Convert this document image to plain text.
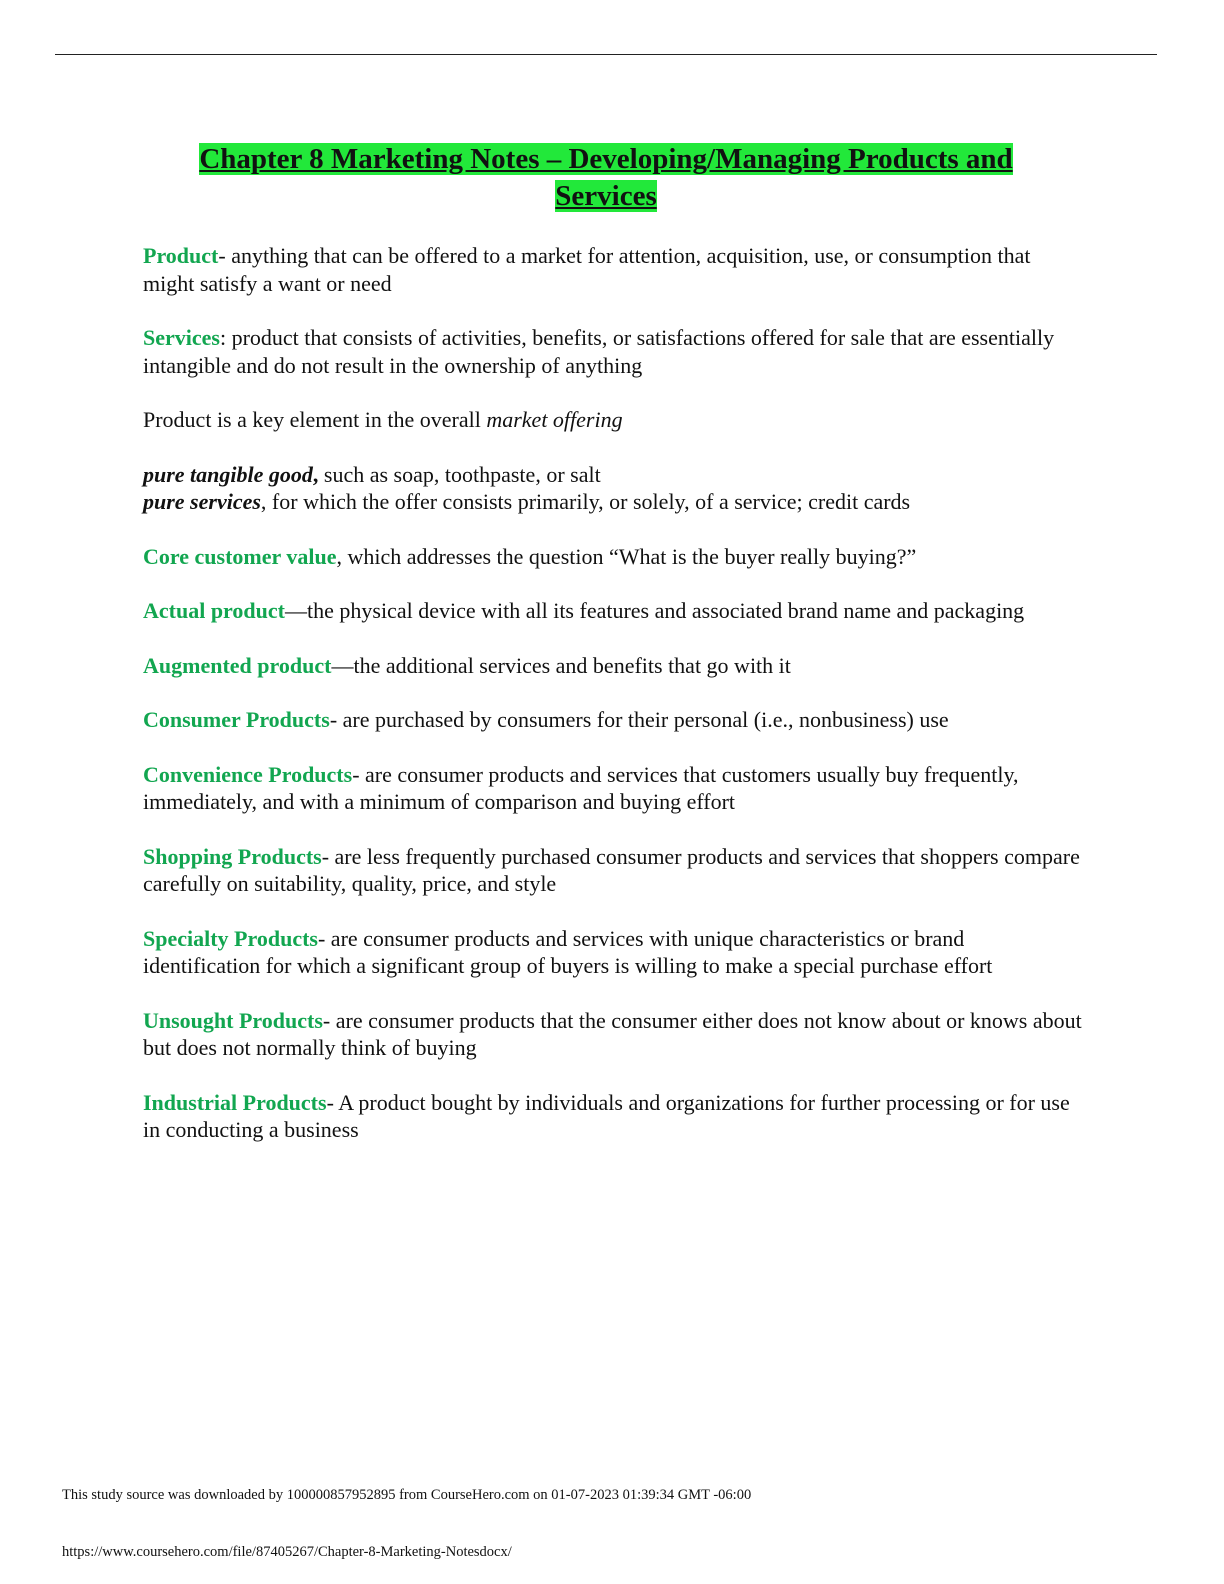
Chapter 8 Marketing Notes – Developing/Managing Products and
Services

Product- anything that can be offered to a market for attention, acquisition, use, or consumption that might satisfy a want or need

Services: product that consists of activities, benefits, or satisfactions offered for sale that are essentially intangible and do not result in the ownership of anything

Product is a key element in the overall market offering

pure tangible good, such as soap, toothpaste, or salt
pure services, for which the offer consists primarily, or solely, of a service; credit cards

Core customer value, which addresses the question “What is the buyer really buying?”

Actual product—the physical device with all its features and associated brand name and packaging

Augmented product—the additional services and benefits that go with it

Consumer Products- are purchased by consumers for their personal (i.e., nonbusiness) use

Convenience Products- are consumer products and services that customers usually buy frequently, immediately, and with a minimum of comparison and buying effort

Shopping Products- are less frequently purchased consumer products and services that shoppers compare carefully on suitability, quality, price, and style

Specialty Products- are consumer products and services with unique characteristics or brand identification for which a significant group of buyers is willing to make a special purchase effort

Unsought Products- are consumer products that the consumer either does not know about or knows about but does not normally think of buying

Industrial Products- A product bought by individuals and organizations for further processing or for use in conducting a business

This study source was downloaded by 100000857952895 from CourseHero.com on 01-07-2023 01:39:34 GMT -06:00
https://www.coursehero.com/file/87405267/Chapter-8-Marketing-Notesdocx/
